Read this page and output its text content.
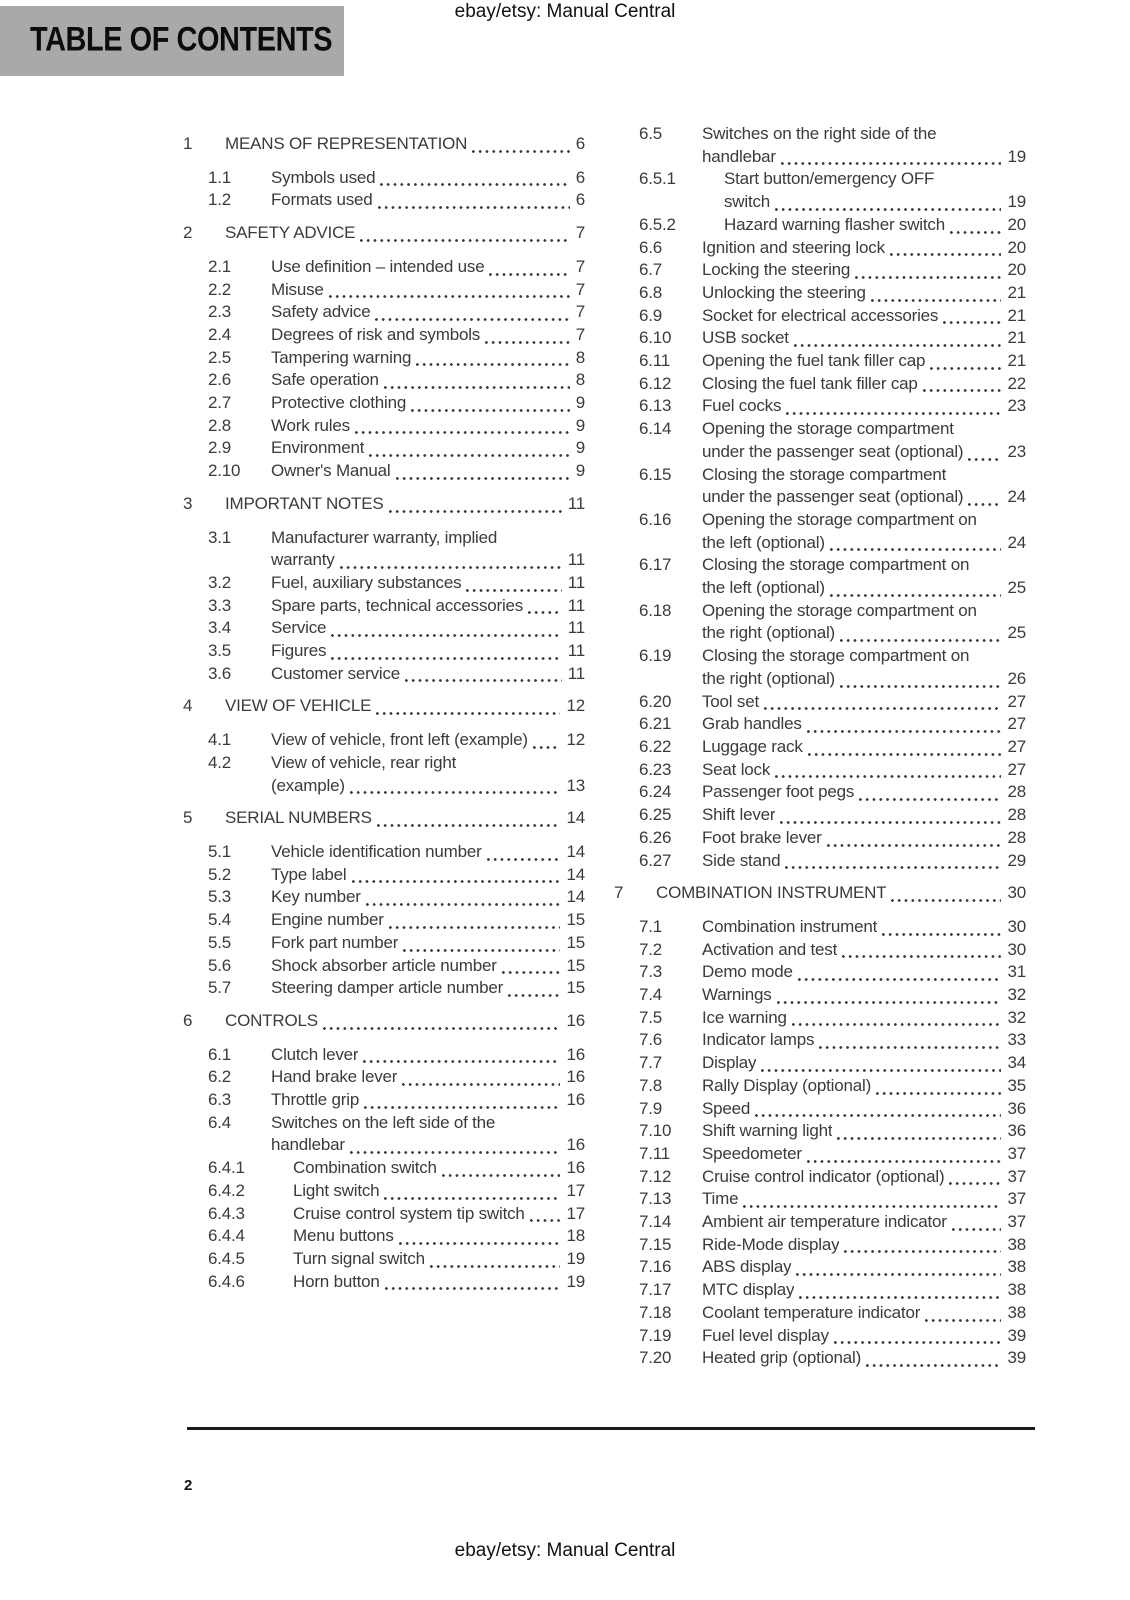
ebay/etsy: Manual Central
TABLE OF CONTENTS
1	MEANS OF REPRESENTATION	6
1.1	Symbols used	6
1.2	Formats used	6
2	SAFETY ADVICE	7
2.1	Use definition – intended use	7
2.2	Misuse	7
2.3	Safety advice	7
2.4	Degrees of risk and symbols	7
2.5	Tampering warning	8
2.6	Safe operation	8
2.7	Protective clothing	9
2.8	Work rules	9
2.9	Environment	9
2.10	Owner's Manual	9
3	IMPORTANT NOTES	11
3.1	Manufacturer warranty, implied
warranty	11
3.2	Fuel, auxiliary substances	11
3.3	Spare parts, technical accessories	11
3.4	Service	11
3.5	Figures	11
3.6	Customer service	11
4	VIEW OF VEHICLE	12
4.1	View of vehicle, front left (example) 12
4.2	View of vehicle, rear right
(example)	13
5	SERIAL NUMBERS	14
5.1	Vehicle identification number	14
5.2	Type label	14
5.3	Key number	14
5.4	Engine number	15
5.5	Fork part number	15
5.6	Shock absorber article number	15
5.7	Steering damper article number	15
6	CONTROLS	16
6.1	Clutch lever	16
6.2	Hand brake lever	16
6.3	Throttle grip	16
6.4	Switches on the left side of the
handlebar	16
6.4.1	Combination switch	16
6.4.2	Light switch	17
6.4.3	Cruise control system tip switch 17
6.4.4	Menu buttons	18
6.4.5	Turn signal switch	19
6.4.6	Horn button	19
6.5	Switches on the right side of the
handlebar	19
6.5.1	Start button/emergency OFF
switch	19
6.5.2	Hazard warning flasher switch	20
6.6	Ignition and steering lock	20
6.7	Locking the steering	20
6.8	Unlocking the steering	21
6.9	Socket for electrical accessories	21
6.10	USB socket	21
6.11	Opening the fuel tank filler cap	21
6.12	Closing the fuel tank filler cap	22
6.13	Fuel cocks	23
6.14	Opening the storage compartment
under the passenger seat (optional)	23
6.15	Closing the storage compartment
under the passenger seat (optional)	24
6.16	Opening the storage compartment on
the left (optional)	24
6.17	Closing the storage compartment on
the left (optional)	25
6.18	Opening the storage compartment on
the right (optional)	25
6.19	Closing the storage compartment on
the right (optional)	26
6.20	Tool set	27
6.21	Grab handles	27
6.22	Luggage rack	27
6.23	Seat lock	27
6.24	Passenger foot pegs	28
6.25	Shift lever	28
6.26	Foot brake lever	28
6.27	Side stand	29
7	COMBINATION INSTRUMENT	30
7.1	Combination instrument	30
7.2	Activation and test	30
7.3	Demo mode	31
7.4	Warnings	32
7.5	Ice warning	32
7.6	Indicator lamps	33
7.7	Display	34
7.8	Rally Display (optional)	35
7.9	Speed	36
7.10	Shift warning light	36
7.11	Speedometer	37
7.12	Cruise control indicator (optional)	37
7.13	Time	37
7.14	Ambient air temperature indicator	37
7.15	Ride-Mode display	38
7.16	ABS display	38
7.17	MTC display	38
7.18	Coolant temperature indicator	38
7.19	Fuel level display	39
7.20	Heated grip (optional)	39
2
ebay/etsy: Manual Central
